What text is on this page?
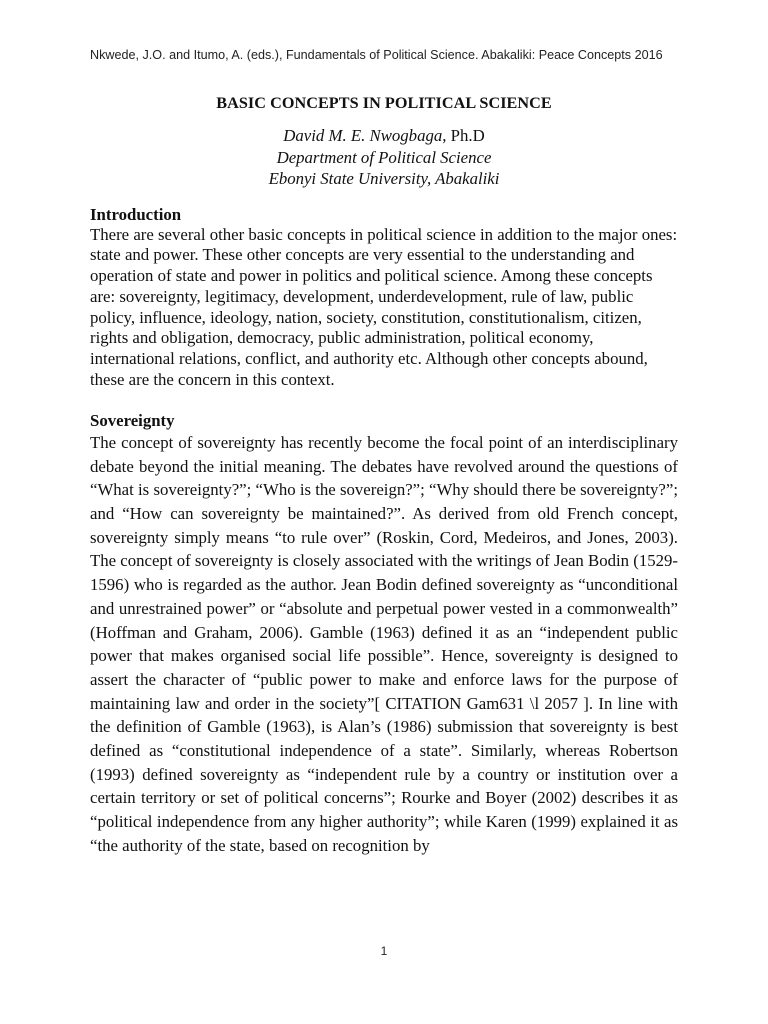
Nkwede, J.O. and Itumo, A. (eds.), Fundamentals of Political Science. Abakaliki: Peace Concepts 2016
BASIC CONCEPTS IN POLITICAL SCIENCE
David M. E. Nwogbaga, Ph.D
Department of Political Science
Ebonyi State University, Abakaliki
Introduction

There are several other basic concepts in political science in addition to the major ones: state and power. These other concepts are very essential to the understanding and operation of state and power in politics and political science. Among these concepts are: sovereignty, legitimacy, development, underdevelopment, rule of law, public policy, influence, ideology, nation, society, constitution, constitutionalism, citizen, rights and obligation, democracy, public administration, political economy, international relations, conflict, and authority etc. Although other concepts abound, these are the concern in this context.

Sovereignty

The concept of sovereignty has recently become the focal point of an interdisciplinary debate beyond the initial meaning. The debates have revolved around the questions of “What is sovereignty?”; “Who is the sovereign?”; “Why should there be sovereignty?”; and “How can sovereignty be maintained?”. As derived from old French concept, sovereignty simply means “to rule over” (Roskin, Cord, Medeiros, and Jones, 2003). The concept of sovereignty is closely associated with the writings of Jean Bodin (1529-1596) who is regarded as the author. Jean Bodin defined sovereignty as “unconditional and unrestrained power” or “absolute and perpetual power vested in a commonwealth” (Hoffman and Graham, 2006). Gamble (1963) defined it as an “independent public power that makes organised social life possible”. Hence, sovereignty is designed to assert the character of “public power to make and enforce laws for the purpose of maintaining law and order in the society”[ CITATION Gam631 \l 2057 ]. In line with the definition of Gamble (1963), is Alan’s (1986) submission that sovereignty is best defined as “constitutional independence of a state”. Similarly, whereas Robertson (1993) defined sovereignty as “independent rule by a country or institution over a certain territory or set of political concerns”; Rourke and Boyer (2002) describes it as “political independence from any higher authority”; while Karen (1999) explained it as “the authority of the state, based on recognition by

1
